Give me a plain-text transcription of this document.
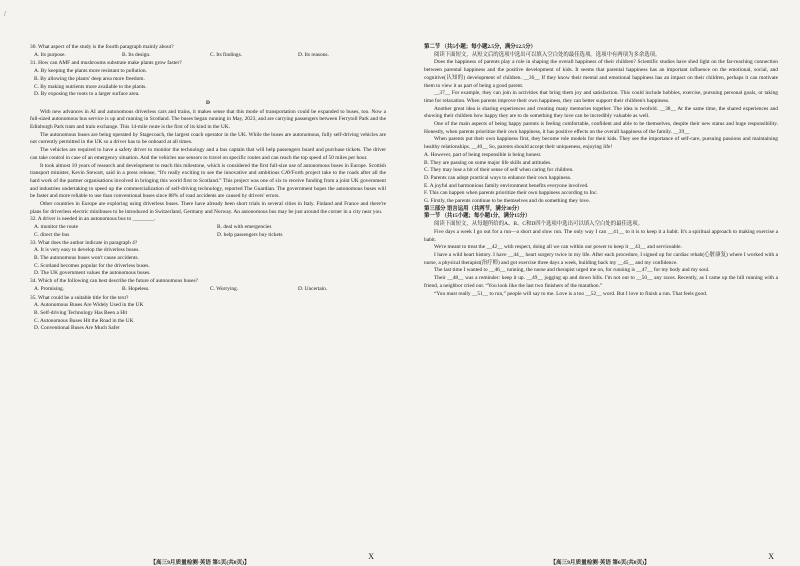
/

30. What aspect of the study is the fourth paragraph mainly about?

A. Its purpose.	B. Its design.	C. Its findings.	D. Its reasons.

31. How can AMF and mushrooms substrate make plants grow faster?

A. By keeping the plants more resistant to pollution.

B. By allowing the plants' deep area more freedom.

C. By making nutrients more available to the plants.

D. By exposing the roots to a larger surface area.

D

With new advances in AI and autonomous driverless cars and trains, it makes sense that this mode of transportation could be expanded to buses, too. Now a full-sized autonomous bus service is up and running in Scotland. The buses began running in May, 2023, and are carrying passengers between Ferrytoll Park and the Edinburgh Park tram and train exchange. This 14-mile route is the first of its kind in the UK.

The autonomous buses are being operated by Stagecoach, the largest coach operator in the UK. While the buses are autonomous, fully self-driving vehicles are not currently permitted in the UK so a driver has to be onboard at all times.

The vehicles are required to have a safety driver to monitor the technology and a bus captain that will help passengers board and purchase tickets. The driver can take control in case of an emergency situation. And the vehicles use sensors to travel on specific routes and can reach the top speed of 50 miles per hour.

It took almost 10 years of research and development to reach this milestone, which is considered the first full-size use of autonomous buses in Europe. Scottish transport minister, Kevin Stewart, said in a press release, “It's really exciting to see the innovative and ambitious CAVForth project take to the roads after all the hard work of the partner organisations involved in bringing this world first to Scotland.” This project was one of six to receive funding from a joint UK government and industries undertaking to speed up the commercialization of self-driving technology, reported The Guardian. The government hopes the autonomous buses will be faster and more reliable to use than conventional buses since 88% of road accidents are caused by drivers' errors.

Other countries in Europe are exploring using driverless buses. There have already been short trials in several cities in Italy. Finland and France and there're plans for driverless electric minibuses to be introduced in Switzerland, Germany and Norway. An autonomous bus may be just around the corner in a city near you.

32. A driver is needed in an autonomous bus to ________.

A. monitor the route	B. deal with emergencies
C. direct the bus	D. help passengers buy tickets

33. What does the author indicate in paragraph 4?

A. It is very easy to develop the driverless buses.

B. The autonomous buses won't cause accidents.

C. Scotland becomes popular for the driverless buses.

D. The UK government values the autonomous buses.

34. Which of the following can best describe the future of autonomous buses?

A. Promising.	B. Hopeless.	C. Worrying.	D. Uncertain.

35. What could be a suitable title for the text?

A. Autonomous Buses Are Widely Used in the UK

B. Self-driving Technology Has Been a Hit

C. Autonomous Buses Hit the Road in the UK

D. Conventional Buses Are Much Safer

【高三9月质量检测·英语 第5页(共8页)】
X

第二节 （共5小题；每小题2.5分，满分12.5分）

阅读下面短文，从短文后的选项中选出可以填入空白处的最佳选项。选项中有两项为多余选项。

Does the happiness of parents play a role in shaping the overall happiness of their children? Scientific studies have shed light on the far-reaching connection between parental happiness and the positive development of kids. It seems that parental happiness has an important influence on the emotional, social, and cognitive(认知的) development of children. __36__ If they know their mental and emotional happiness has an impact on their children, perhaps it can motivate them to view it as part of being a good parent.

__37__ For example, they can join in activities that bring them joy and satisfaction. This could include hobbies, exercise, pursuing personal goals, or taking time for relaxation. When parents improve their own happiness, they can better support their children's happiness.

Another great idea is sharing experiences and creating many memories together. The idea is twofold. __38__ At the same time, the shared experiences and showing their children how happy they are to do something they love can be incredibly valuable as well.

One of the main aspects of being happy parents is feeling comfortable, confident and able to be themselves, despite their new status and huge responsibility. Honestly, when parents prioritize their own happiness, it has positive effects on the overall happiness of the family. __39__

When parents put their own happiness first, they become role models for their kids. They see the importance of self-care, pursuing passions and maintaining healthy relationships. __40__ So, parents should accept their uniqueness, enjoying life!

A. However, part of being responsible is being honest.

B. They are passing on some major life skills and attitudes.

C. They may lose a bit of their sense of self when caring for children.

D. Parents can adopt practical ways to enhance their own happiness.

E. A joyful and harmonious family environment benefits everyone involved.

F. This can happen when parents prioritize their own happiness according to Inc.

G. Firstly, the parents continue to be themselves and do something they love.

第三部分 语言运用（共两节，满分30分）

第一节 （共15小题；每小题1分，满分15分）

阅读下面短文，从每题所给的A、B、C和D四个选项中选出可以填入空白处的最佳选项。

Five days a week I go out for a run—a short and slow run. The only way I can __41__ to it is to keep it a habit. It's a spiritual approach to making exercise a habit.

We're meant to treat the __42__ with respect, doing all we can within our power to keep it __43__ and serviceable.

I have a wild heart history. I have __44__ heart surgery twice in my life. After each procedure, I signed up for cardiac rehab(心脏康复) where I worked with a nurse, a physical therapist(治疗师) and got exercise three days a week, building back my __45__ and my confidence.

The last time I wanted to __46__ running, the nurse and therapist urged me on, for running is __47__ for my body and my soul.

Their __48__ was a reminder: keep it up. __49__ jogging up and down hills. I'm not out to __50__ any races. Recently, as I came up the hill running with a friend, a neighbor cried out. “You look like the last two finishers of the marathon.”

“You must really __51__ to run,” people will say to me. Love is a too __52__ word. But I love to finish a run. That feels good.

【高三9月质量检测·英语 第6页(共8页)】
X
